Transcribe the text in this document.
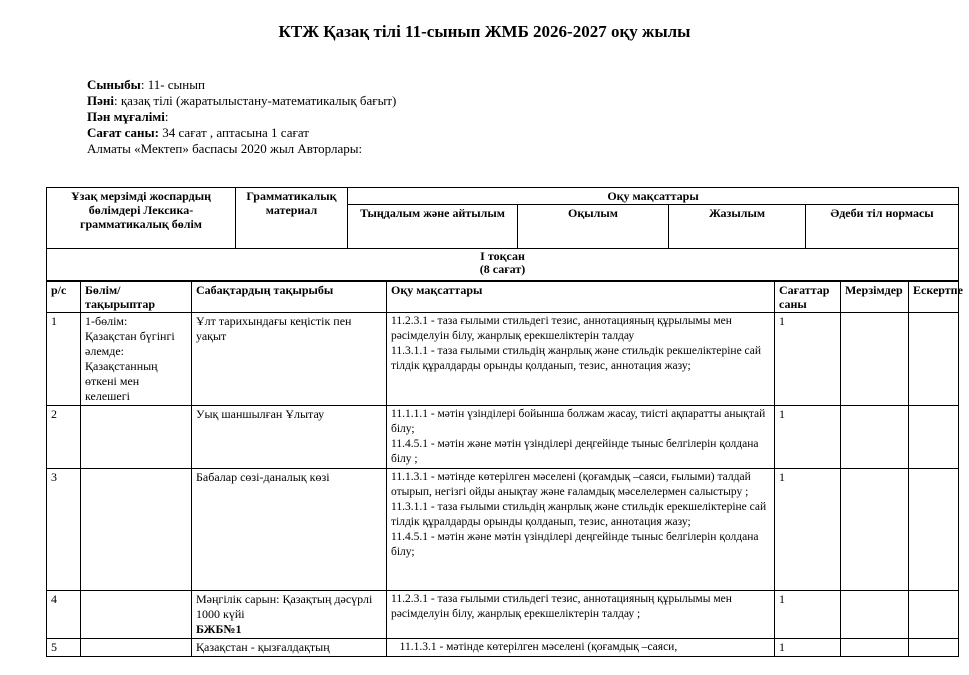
КТЖ Қазақ тілі 11-сынып ЖМБ 2026-2027 оқу жылы
Сыныбы: 11- сынып
Пәні: қазақ тілі (жаратылыстану-математикалық бағыт)
Пән мұғалімі:
Сағат саны: 34 сағат , аптасына 1 сағат
Алматы «Мектеп» баспасы 2020 жыл Авторлары:
Ұзақ мерзімді жоспардың бөлімдері Лексика-грамматикалық бөлім	Грамматикалық материал	Оқу мақсаттары			
		Тыңдалым және айтылым	Оқылым	Жазылым	Әдеби тіл нормасы

І тоқсан
(8 сағат)					
р/с	Бөлім/ тақырыптар	Сабақтардың тақырыбы	Оқу мақсаттары	Сағаттар саны	Мерзімдер	Ескертпе
1	1-бөлім:
Қазақстан бүгінгі әлемде: Қазақстанның өткені мен келешегі	Ұлт тарихындағы кеңістік пен уақыт	11.2.3.1 - таза ғылыми стильдегі тезис, аннотацияның құрылымы мен рәсімделуін білу, жанрлық ерекшеліктерін талдау
11.3.1.1 - таза ғылыми стильдің жанрлық және стильдік рекшеліктеріне сай тілдік құралдарды орынды қолданып, тезис, аннотация жазу;	1		
2		Уық шаншылған Ұлытау	11.1.1.1 - мәтін үзінділері бойынша болжам жасау, тиісті ақпаратты анықтай білу;
11.4.5.1 - мәтін және мәтін үзінділері деңгейінде тыныс белгілерін қолдана білу ;	1		
3		Бабалар сөзі-даналық көзі	11.1.3.1 - мәтінде көтерілген мәселені (қоғамдық –саяси, ғылыми) талдай отырып, негізгі ойды анықтау және ғаламдық мәселелермен салыстыру ;
11.3.1.1 - таза ғылыми стильдің жанрлық және стильдік ерекшеліктеріне сай тілдік құралдарды орынды қолданып, тезис, аннотация жазу;
11.4.5.1 - мәтін және мәтін үзінділері деңгейінде тыныс белгілерін қолдана білу;	1		
4		Мәңгілік сарын: Қазақтың дәсүрлі 1000 күйі
БЖБ№1	11.2.3.1 - таза ғылыми стильдегі тезис, аннотацияның құрылымы мен рәсімделуін білу, жанрлық ерекшеліктерін талдау ;	1		
5		Қазақстан - қызғалдақтың	11.1.3.1 - мәтінде көтерілген мәселені (қоғамдық –саяси,	1		
